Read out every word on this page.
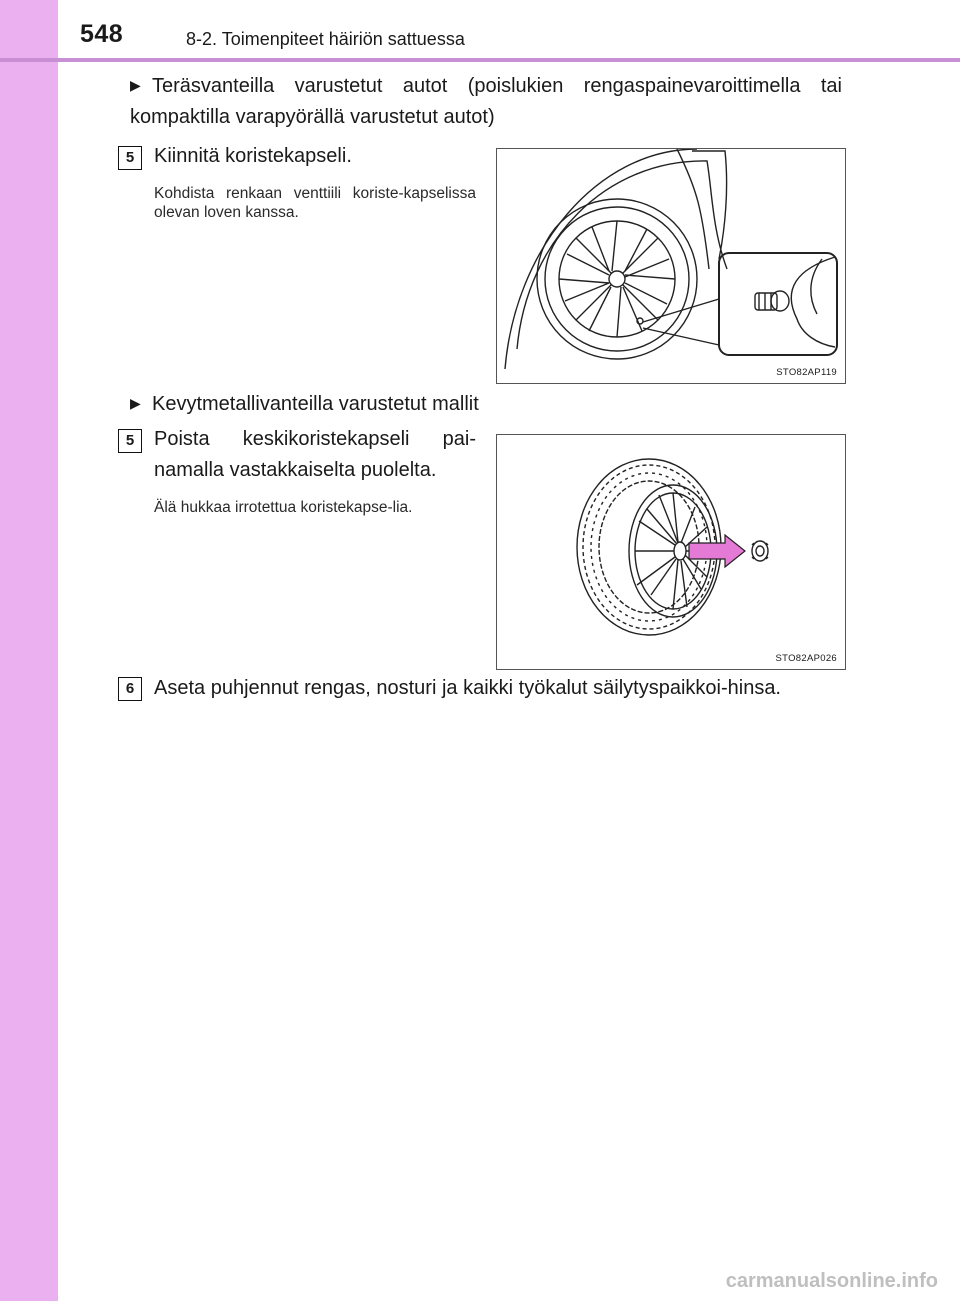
548	8-2. Toimenpiteet häiriön sattuessa
▶ Teräsvanteilla varustetut autot (poislukien rengaspainevaroittimella tai kompaktilla varapyörällä varustetut autot)
5 Kiinnitä koristekapseli.
Kohdista renkaan venttiili koriste-kapselissa olevan loven kanssa.
STO82AP119
▶ Kevytmetallivanteilla varustetut mallit
5 Poista keskikoristekapseli pai-namalla vastakkaiselta puolelta.
Älä hukkaa irrotettua koristekapse-lia.
STO82AP026
6 Aseta puhjennut rengas, nosturi ja kaikki työkalut säilytyspaikkoi-hinsa.
carmanualsonline.info
